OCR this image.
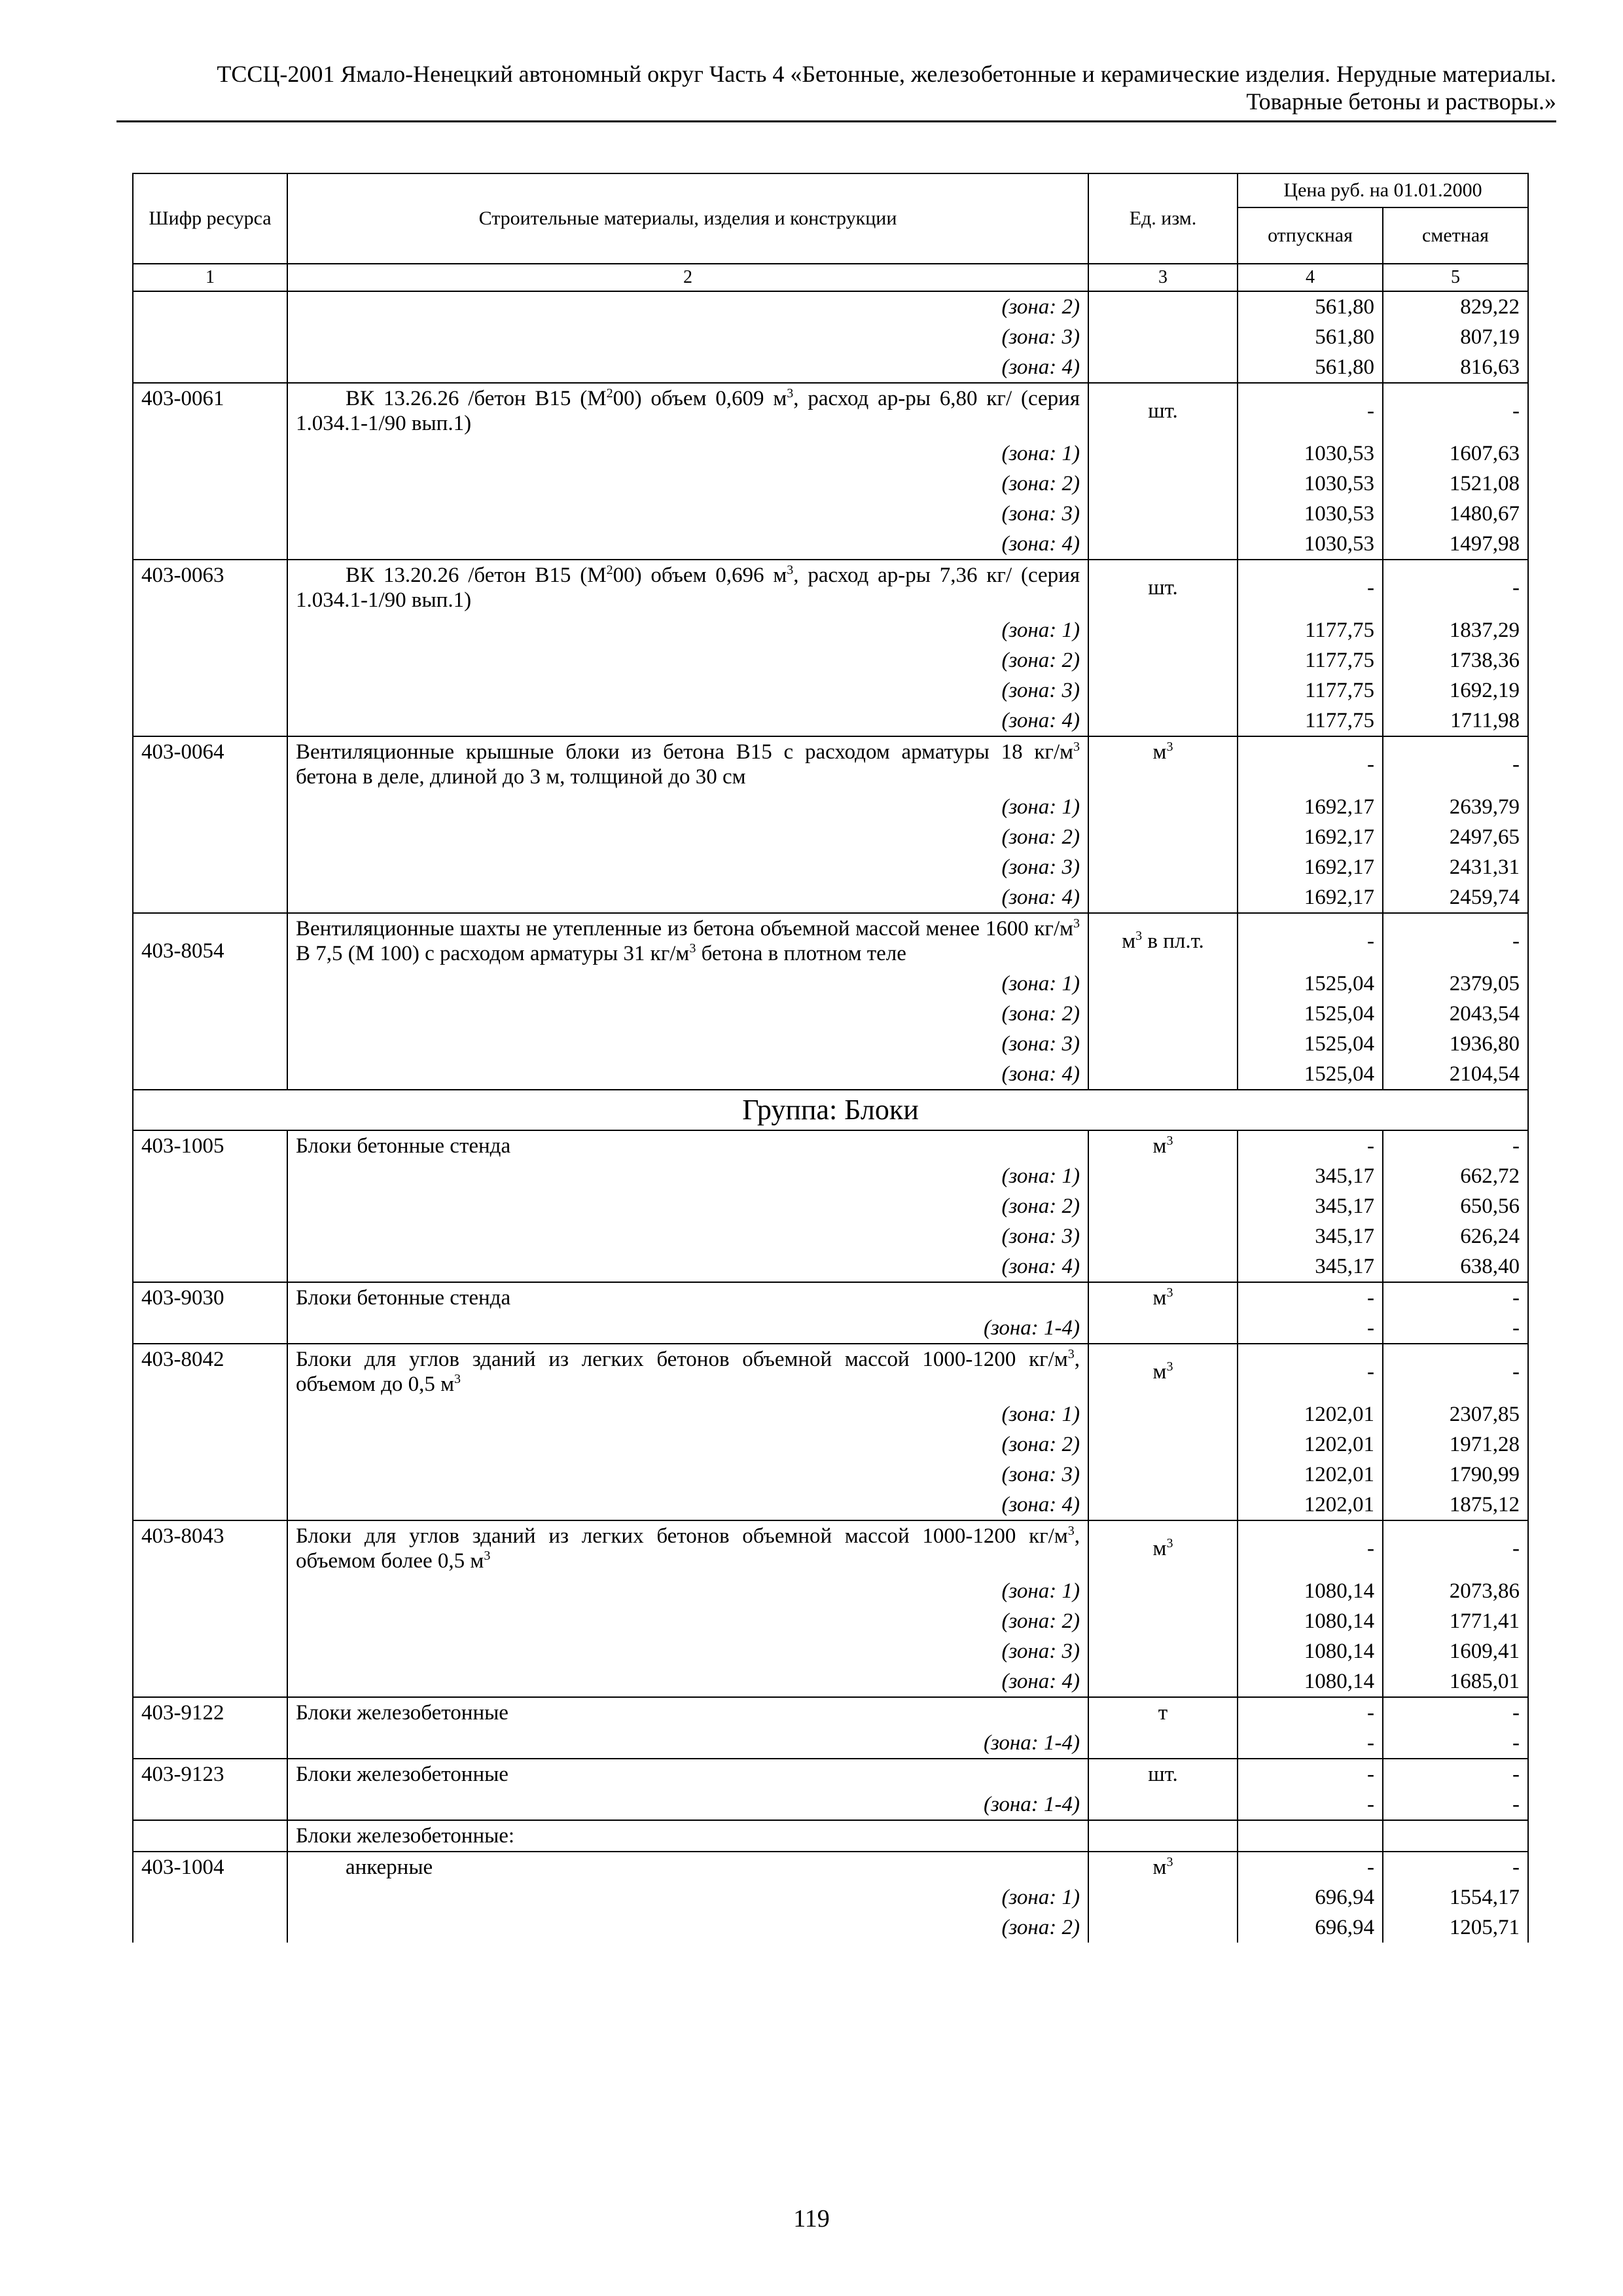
ТССЦ-2001 Ямало-Ненецкий автономный округ Часть 4 «Бетонные, железобетонные и керамические изделия. Нерудные материалы.
Товарные бетоны и растворы.»
Шифр ресурса	Строительные материалы, изделия и конструкции	Ед. изм.	Цена руб. на 01.01.2000	
			отпускная	сметная
1	2	3	4	5
	(зона: 2)		561,80	829,22
	(зона: 3)		561,80	807,19
	(зона: 4)		561,80	816,63
403-0061	ВК 13.26.26 /бетон B15 $(M^200)$ объем 0,609 $м^3$, расход ар-ры 6,80 кг/ (серия 1.034.1-1/90 вып.1)	шт.	-	-
	(зона: 1)		1030,53	1607,63
	(зона: 2)		1030,53	1521,08
	(зона: 3)		1030,53	1480,67
	(зона: 4)		1030,53	1497,98
403-0063	ВК 13.20.26 /бетон B15 $(M^200)$ объем 0,696 $м^3$, расход ар-ры 7,36 кг/ (серия 1.034.1-1/90 вып.1)	шт.	-	-
	(зона: 1)		1177,75	1837,29
	(зона: 2)		1177,75	1738,36
	(зона: 3)		1177,75	1692,19
	(зона: 4)		1177,75	1711,98
403-0064	Вентиляционные крышные блоки из бетона B15 с расходом арматуры 18 $кг/м^3$ бетона в деле, длиной до 3 м, толщиной до 30 см	$м^3$	-	-
	(зона: 1)		1692,17	2639,79
	(зона: 2)		1692,17	2497,65
	(зона: 3)		1692,17	2431,31
	(зона: 4)		1692,17	2459,74
403-8054	Вентиляционные шахты не утепленные из бетона объемной массой менее 1600 $кг/м^3$ В 7,5 (М 100) с расходом арматуры 31 $кг/м^3$ бетона в плотном теле	$м^3$ в пл.т.	-	-
	(зона: 1)		1525,04	2379,05
	(зона: 2)		1525,04	2043,54
	(зона: 3)		1525,04	1936,80
	(зона: 4)		1525,04	2104,54
Группа: Блоки				
403-1005	Блоки бетонные стенда	$м^3$	-	-
	(зона: 1)		345,17	662,72
	(зона: 2)		345,17	650,56
	(зона: 3)		345,17	626,24
	(зона: 4)		345,17	638,40
403-9030	Блоки бетонные стенда	$м^3$	-	-
	(зона: 1-4)		-	-
403-8042	Блоки для углов зданий из легких бетонов объемной массой 1000-1200 $кг/м^3$, объемом до 0,5 $м^3$	$м^3$	-	-
	(зона: 1)		1202,01	2307,85
	(зона: 2)		1202,01	1971,28
	(зона: 3)		1202,01	1790,99
	(зона: 4)		1202,01	1875,12
403-8043	Блоки для углов зданий из легких бетонов объемной массой 1000-1200 $кг/м^3$, объемом более 0,5 $м^3$	$м^3$	-	-
	(зона: 1)		1080,14	2073,86
	(зона: 2)		1080,14	1771,41
	(зона: 3)		1080,14	1609,41
	(зона: 4)		1080,14	1685,01
403-9122	Блоки железобетонные	т	-	-
	(зона: 1-4)		-	-
403-9123	Блоки железобетонные	шт.	-	-
	(зона: 1-4)		-	-
	Блоки железобетонные:			
403-1004	анкерные	$м^3$	-	-
	(зона: 1)		696,94	1554,17
	(зона: 2)		696,94	1205,71
119
